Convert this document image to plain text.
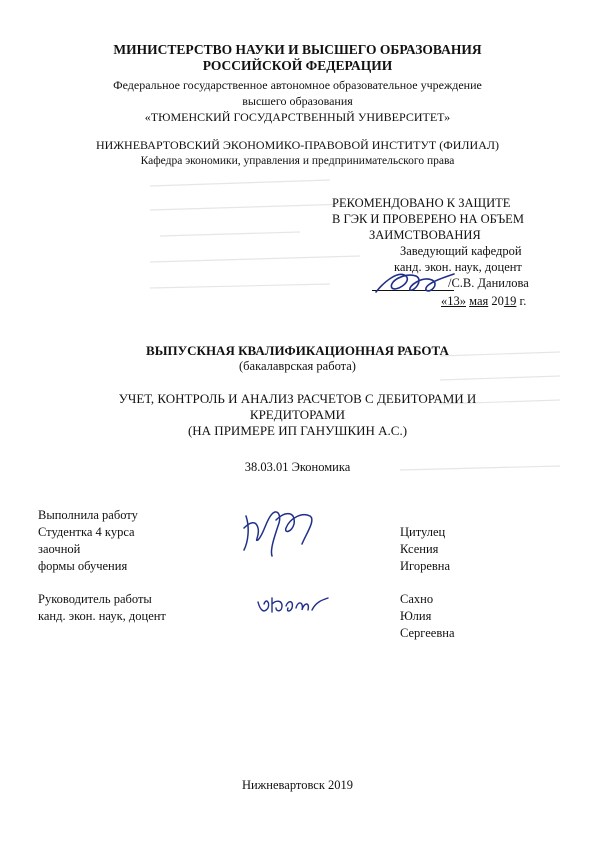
МИНИСТЕРСТВО НАУКИ И ВЫСШЕГО ОБРАЗОВАНИЯ
РОССИЙСКОЙ ФЕДЕРАЦИИ
Федеральное государственное автономное образовательное учреждение
высшего образования
«ТЮМЕНСКИЙ ГОСУДАРСТВЕННЫЙ УНИВЕРСИТЕТ»
НИЖНЕВАРТОВСКИЙ ЭКОНОМИКО-ПРАВОВОЙ ИНСТИТУТ (ФИЛИАЛ)
Кафедра экономики, управления и предпринимательского права
РЕКОМЕНДОВАНО К ЗАЩИТЕ
В ГЭК И ПРОВЕРЕНО НА ОБЪЕМ
ЗАИМСТВОВАНИЯ
Заведующий кафедрой
канд. экон. наук, доцент
/С.В. Данилова
«13» мая 2019 г.
ВЫПУСКНАЯ КВАЛИФИКАЦИОННАЯ РАБОТА
(бакалаврская работа)
УЧЕТ, КОНТРОЛЬ И АНАЛИЗ РАСЧЕТОВ С ДЕБИТОРАМИ И
КРЕДИТОРАМИ
(НА ПРИМЕРЕ ИП ГАНУШКИН А.С.)
38.03.01 Экономика
Выполнила работу
Студентка 4 курса
заочной
формы обучения
Цитулец
Ксения
Игоревна
Руководитель работы
канд. экон. наук, доцент
Сахно
Юлия
Сергеевна
Нижневартовск 2019
